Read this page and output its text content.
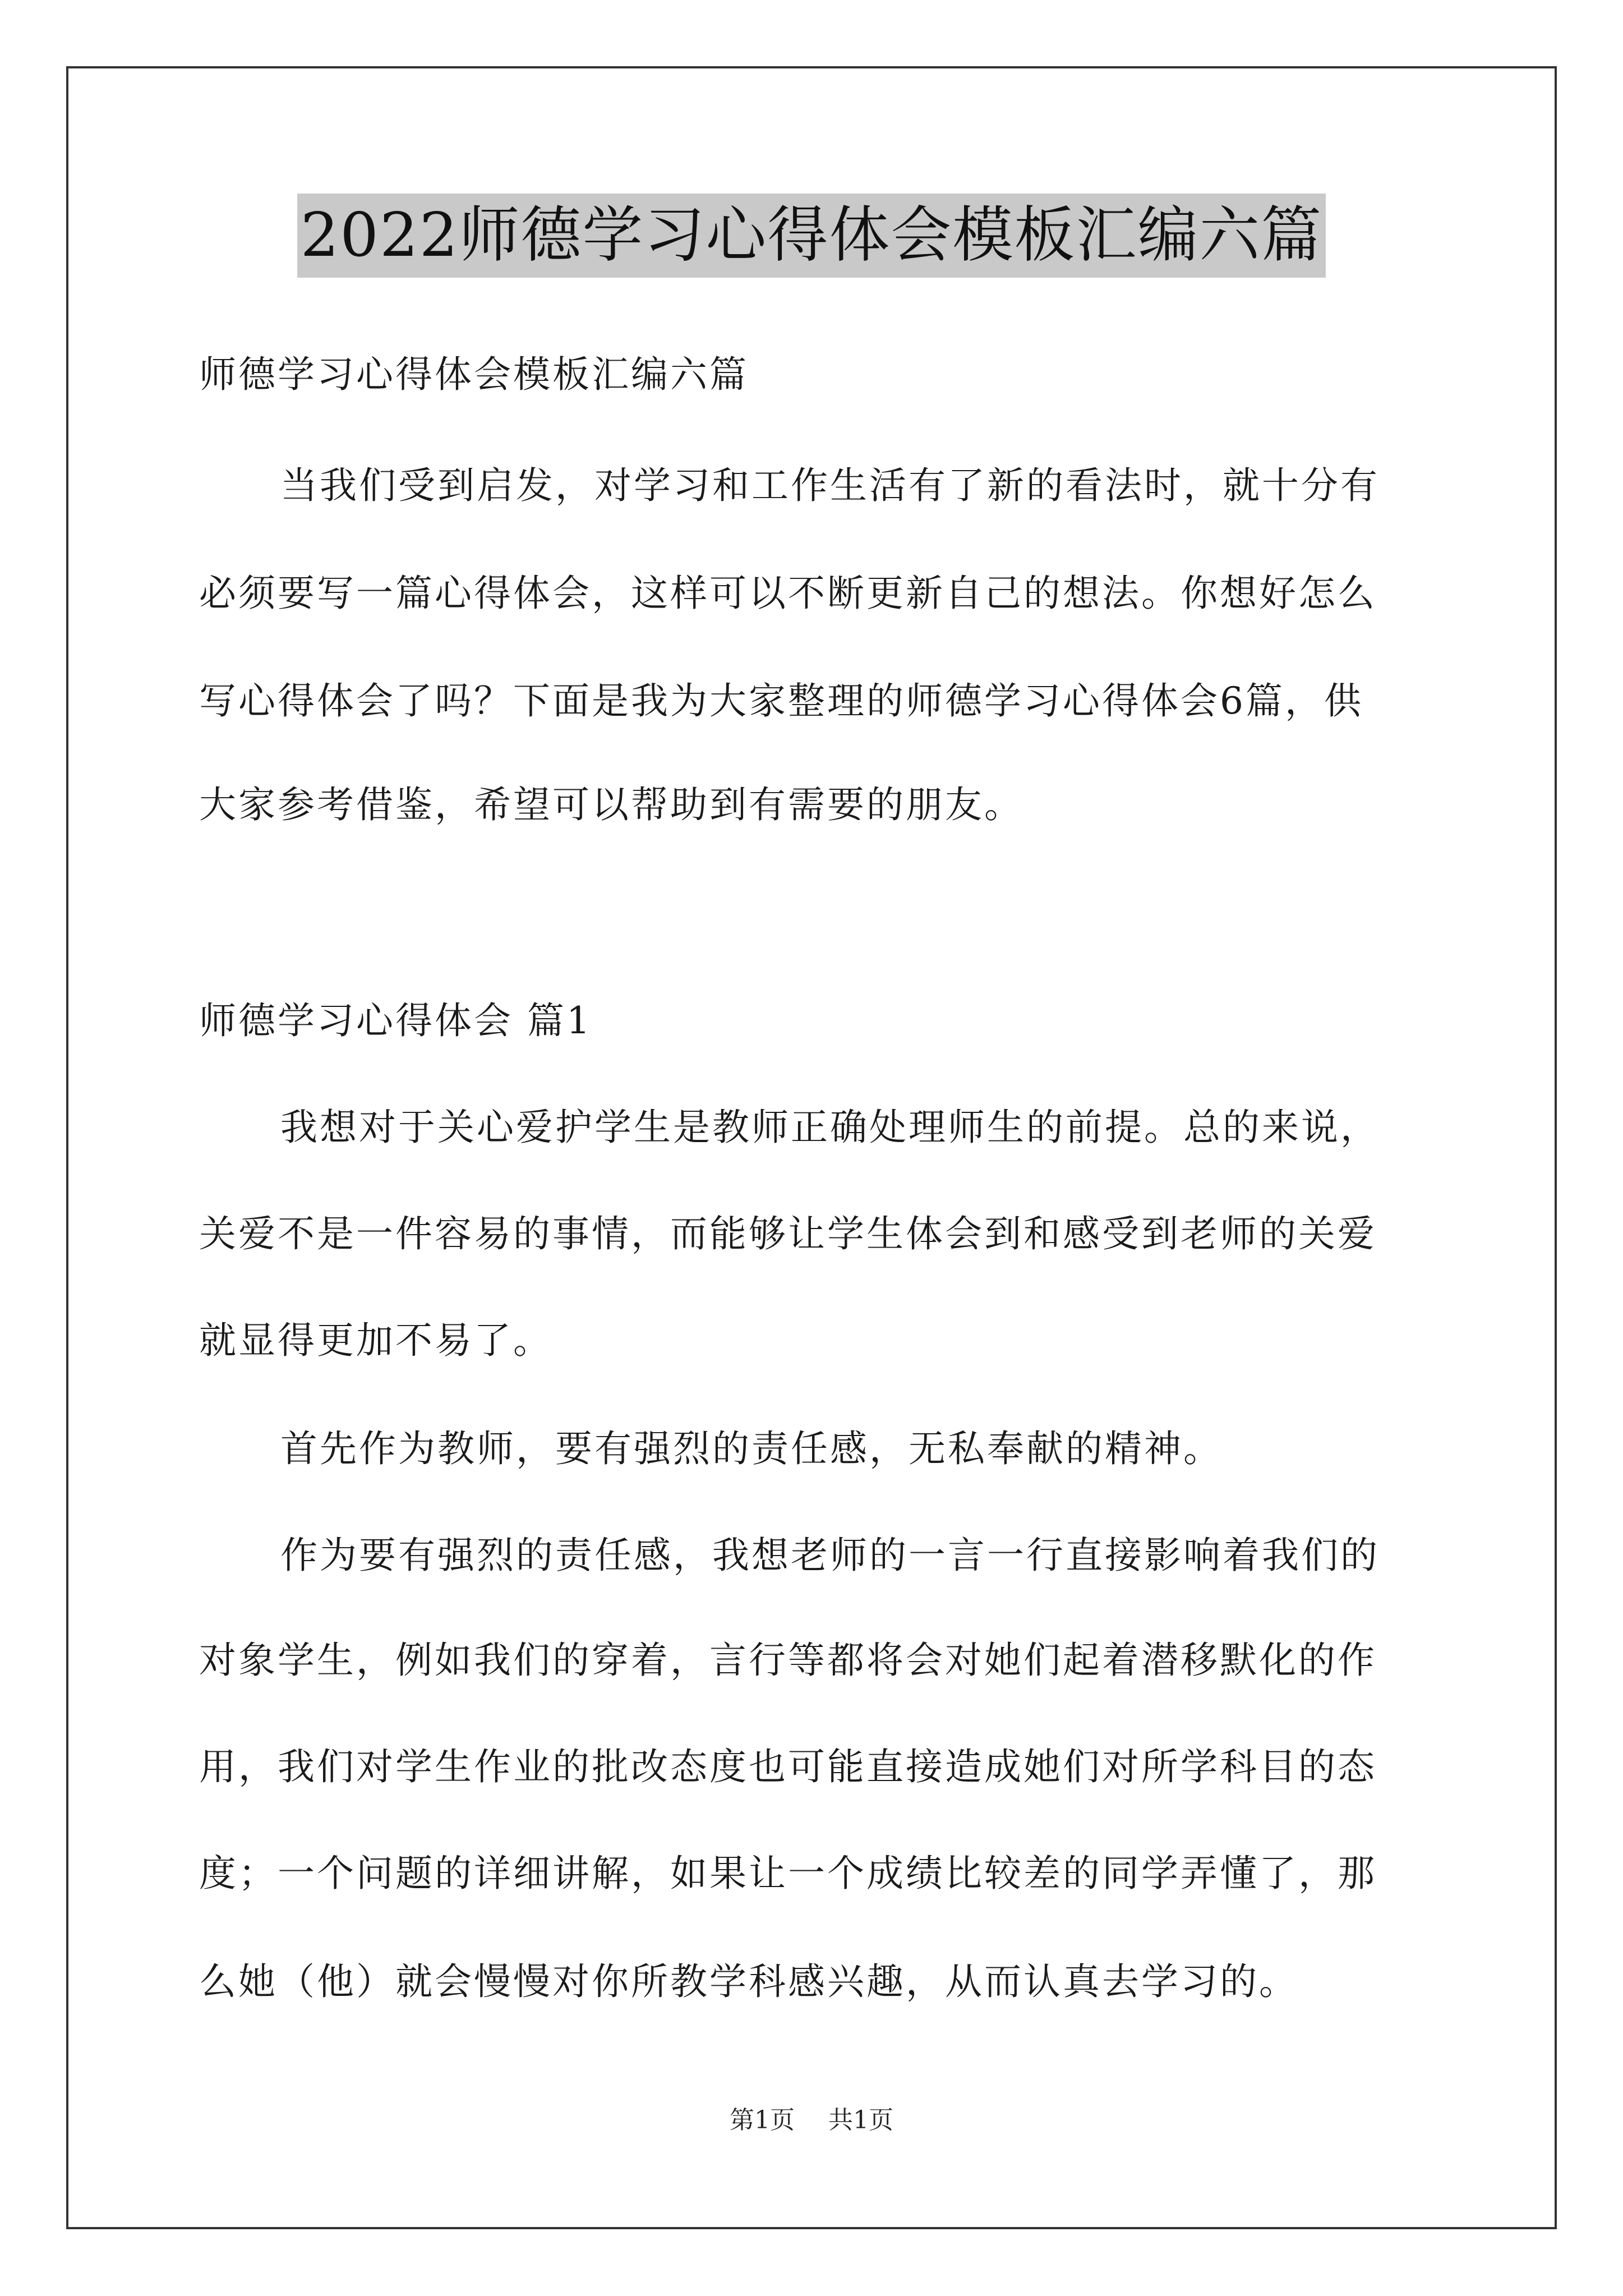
2022师德学习心得体会模板汇编六篇

师德学习心得体会模板汇编六篇

当我们受到启发，对学习和工作生活有了新的看法时，就十分有

必须要写一篇心得体会，这样可以不断更新自己的想法。你想好怎么

写心得体会了吗？下面是我为大家整理的师德学习心得体会6篇，供

大家参考借鉴，希望可以帮助到有需要的朋友。

师德学习心得体会 篇1

我想对于关心爱护学生是教师正确处理师生的前提。总的来说，

关爱不是一件容易的事情，而能够让学生体会到和感受到老师的关爱

就显得更加不易了。

首先作为教师，要有强烈的责任感，无私奉献的精神。

作为要有强烈的责任感，我想老师的一言一行直接影响着我们的

对象学生，例如我们的穿着，言行等都将会对她们起着潜移默化的作

用，我们对学生作业的批改态度也可能直接造成她们对所学科目的态

度；一个问题的详细讲解，如果让一个成绩比较差的同学弄懂了，那

么她（他）就会慢慢对你所教学科感兴趣，从而认真去学习的。

第1页 共1页
